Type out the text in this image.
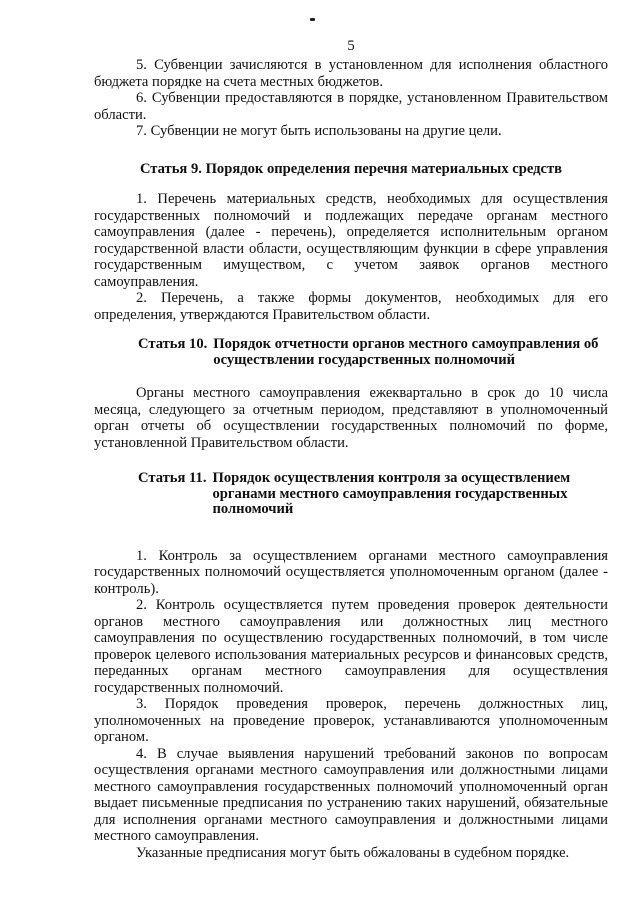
5

5. Субвенции зачисляются в установленном для исполнения областного бюджета порядке на счета местных бюджетов.

6. Субвенции предоставляются в порядке, установленном Правительством области.

7. Субвенции не могут быть использованы на другие цели.

Статья 9. Порядок определения перечня материальных средств

1. Перечень материальных средств, необходимых для осуществления государственных полномочий и подлежащих передаче органам местного самоуправления (далее - перечень), определяется исполнительным органом государственной власти области, осуществляющим функции в сфере управления государственным имуществом, с учетом заявок органов местного самоуправления.

2. Перечень, а также формы документов, необходимых для его определения, утверждаются Правительством области.

Статья 10. Порядок отчетности органов местного самоуправления об осуществлении государственных полномочий

Органы местного самоуправления ежеквартально в срок до 10 числа месяца, следующего за отчетным периодом, представляют в уполномоченный орган отчеты об осуществлении государственных полномочий по форме, установленной Правительством области.

Статья 11. Порядок осуществления контроля за осуществлением органами местного самоуправления государственных полномочий

1. Контроль за осуществлением органами местного самоуправления государственных полномочий осуществляется уполномоченным органом (далее - контроль).

2. Контроль осуществляется путем проведения проверок деятельности органов местного самоуправления или должностных лиц местного самоуправления по осуществлению государственных полномочий, в том числе проверок целевого использования материальных ресурсов и финансовых средств, переданных органам местного самоуправления для осуществления государственных полномочий.

3. Порядок проведения проверок, перечень должностных лиц, уполномоченных на проведение проверок, устанавливаются уполномоченным органом.

4. В случае выявления нарушений требований законов по вопросам осуществления органами местного самоуправления или должностными лицами местного самоуправления государственных полномочий уполномоченный орган выдает письменные предписания по устранению таких нарушений, обязательные для исполнения органами местного самоуправления и должностными лицами местного самоуправления.

Указанные предписания могут быть обжалованы в судебном порядке.
